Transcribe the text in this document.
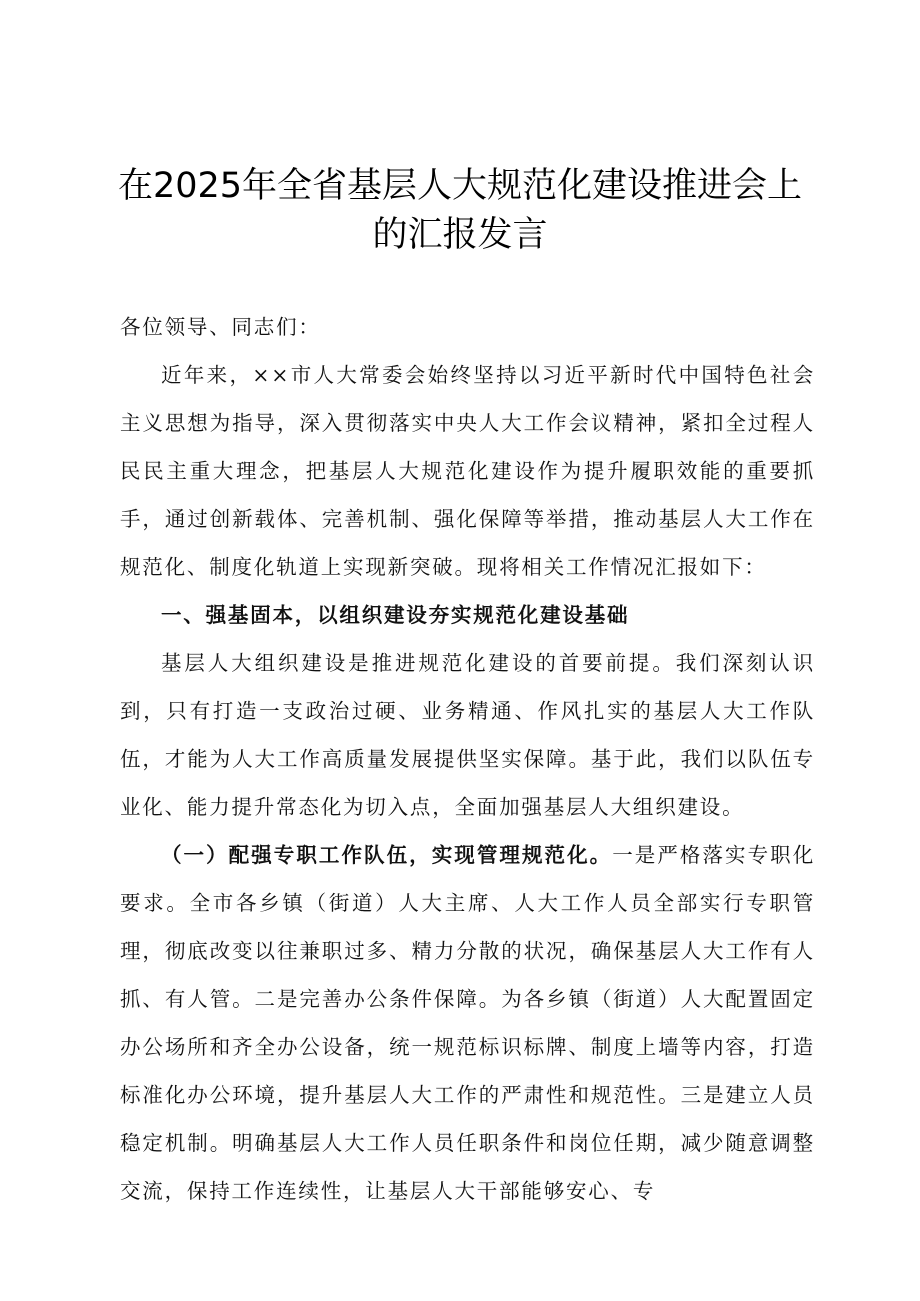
在2025年全省基层人大规范化建设推进会上
的汇报发言

各位领导、同志们：

近年来，××市人大常委会始终坚持以习近平新时代中国特色社会主义思想为指导，深入贯彻落实中央人大工作会议精神，紧扣全过程人民民主重大理念，把基层人大规范化建设作为提升履职效能的重要抓手，通过创新载体、完善机制、强化保障等举措，推动基层人大工作在规范化、制度化轨道上实现新突破。现将相关工作情况汇报如下：

一、强基固本，以组织建设夯实规范化建设基础

基层人大组织建设是推进规范化建设的首要前提。我们深刻认识到，只有打造一支政治过硬、业务精通、作风扎实的基层人大工作队伍，才能为人大工作高质量发展提供坚实保障。基于此，我们以队伍专业化、能力提升常态化为切入点，全面加强基层人大组织建设。

（一）配强专职工作队伍，实现管理规范化。一是严格落实专职化要求。全市各乡镇（街道）人大主席、人大工作人员全部实行专职管理，彻底改变以往兼职过多、精力分散的状况，确保基层人大工作有人抓、有人管。二是完善办公条件保障。为各乡镇（街道）人大配置固定办公场所和齐全办公设备，统一规范标识标牌、制度上墙等内容，打造标准化办公环境，提升基层人大工作的严肃性和规范性。三是建立人员稳定机制。明确基层人大工作人员任职条件和岗位任期，减少随意调整交流，保持工作连续性，让基层人大干部能够安心、专
